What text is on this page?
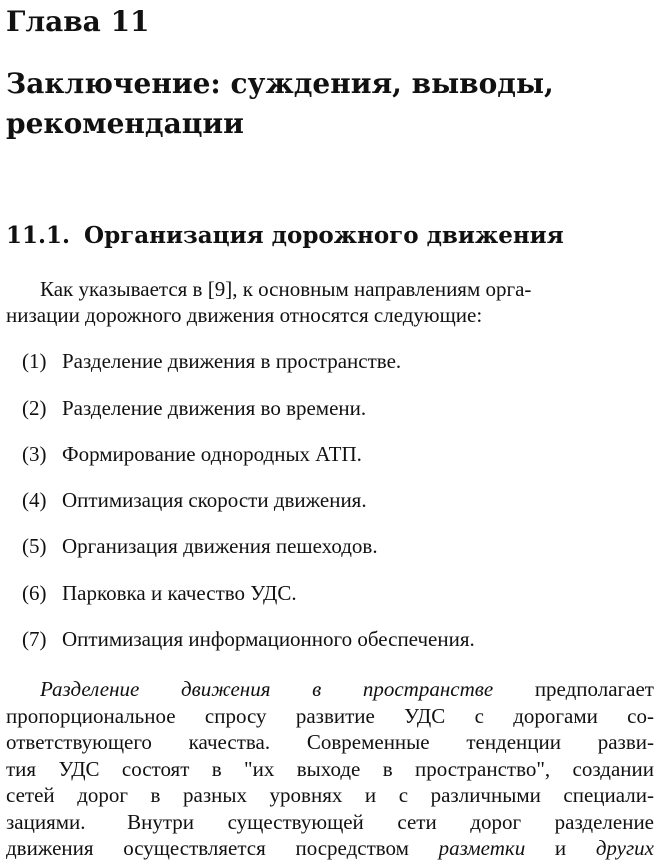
Глава 11
Заключение: суждения, выводы,
рекомендации
11.1. Организация дорожного движения
Как указывается в [9], к основным направлениям орга-
низации дорожного движения относятся следующие:
(1) Разделение движения в пространстве.
(2) Разделение движения во времени.
(3) Формирование однородных АТП.
(4) Оптимизация скорости движения.
(5) Организация движения пешеходов.
(6) Парковка и качество УДС.
(7) Оптимизация информационного обеспечения.
Разделение движения в пространстве предполагает
пропорциональное спросу развитие УДС с дорогами со-
ответствующего качества. Современные тенденции разви-
тия УДС состоят в "их выходе в пространство", создании
сетей дорог в разных уровнях и с различными специали-
зациями. Внутри существующей сети дорог разделение
движения осуществляется посредством разметки и других
